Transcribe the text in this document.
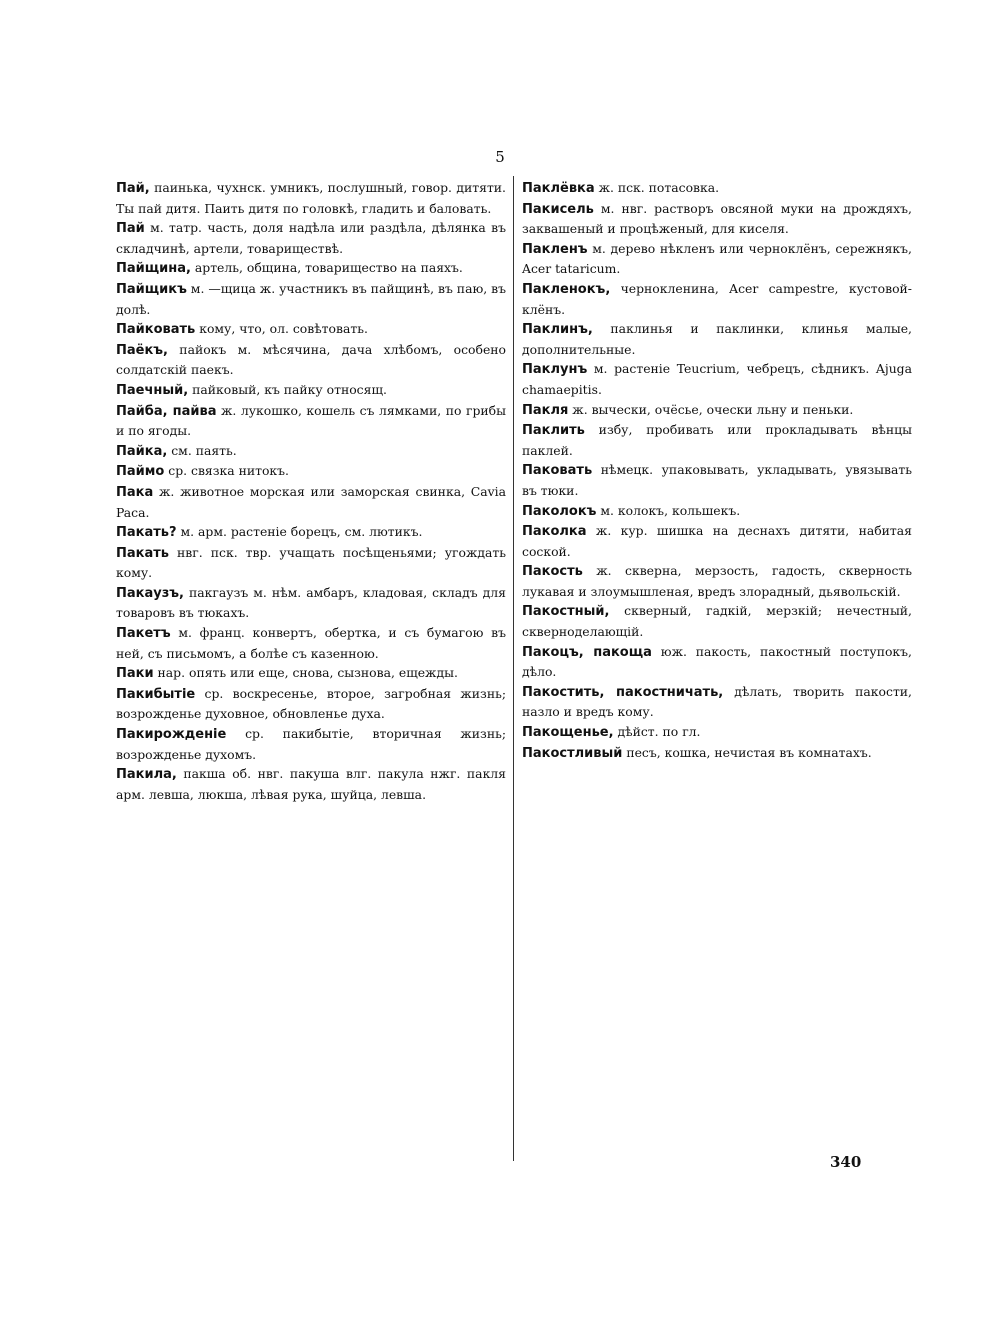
5

Пай, паинька, чухнск. умникъ, послушный, говор. дитяти. Ты пай дитя. Паить дитя по головкѣ, гладить и баловать.

Пай м. татр. часть, доля надѣла или раздѣла, дѣлянка въ складчинѣ, артели, товариществѣ.

Пайщина, артель, община, товарищество на паяхъ.

Пайщикъ м. —щица ж. участникъ въ пайщинѣ, въ паю, въ долѣ.

Пайковать кому, что, ол. совѣтовать.

Паёкъ, пайокъ м. мѣсячина, дача хлѣбомъ, особено солдатскій паекъ.

Паечный, пайковый, къ пайку относящ.

Пайба, пайва ж. лукошко, кошель съ лямками, по грибы и по ягоды.

Пайка, см. паять.

Паймо ср. связка нитокъ.

Пака ж. животное морская или заморская свинка, Cavia Paca.

Пакать? м. арм. растеніе борецъ, см. лютикъ.

Пакать нвг. пск. твр. учащать посѣщеньями; угождать кому.

Пакаузъ, пакгаузъ м. нѣм. амбаръ, кладовая, складъ для товаровъ въ тюкахъ.

Пакетъ м. франц. конвертъ, обертка, и съ бумагою въ ней, съ письмомъ, а болѣе съ казенною.

Паки нар. опять или еще, снова, сызнова, ещежды.

Пакибытіе ср. воскресенье, второе, загробная жизнь; возрожденье духовное, обновленье духа.

Пакирожденіе ср. пакибытіе, вторичная жизнь; возрожденье духомъ.

Пакила, пакша об. нвг. пакуша влг. пакула нжг. пакля арм. левша, люкша, лѣвая рука, шуйца, левша.

Паклёвка ж. пск. потасовка.

Пакисель м. нвг. растворъ овсяной муки на дрождяхъ, заквашеный и процѣженый, для киселя.

Пакленъ м. дерево нѣкленъ или черноклёнъ, сережнякъ, Acer tataricum.

Пакленокъ, чернокленина, Acer campestre, кустовой-клёнъ.

Паклинъ, паклинья и паклинки, клинья малые, дополнительные.

Паклунъ м. растеніе Teucrium, чебрецъ, сѣдникъ. Ajuga chamaepitis.

Пакля ж. вычески, очёсье, очески льну и пеньки.

Паклить избу, пробивать или прокладывать вѣнцы паклей.

Паковать нѣмецк. упаковывать, укладывать, увязывать въ тюки.

Паколокъ м. колокъ, кольшекъ.

Паколка ж. кур. шишка на деснахъ дитяти, набитая соской.

Пакость ж. скверна, мерзость, гадость, скверность лукавая и злоумышленая, вредъ злорадный, дьявольскій.

Пакостный, скверный, гадкій, мерзкій; нечестный, скверноделающій.

Пакоцъ, пакоща юж. пакость, пакостный поступокъ, дѣло.

Пакостить, пакостничать, дѣлать, творить пакости, назло и вредъ кому.

Пакощенье, дѣйст. по гл.

Пакостливый песъ, кошка, нечистая въ комнатахъ.

340
